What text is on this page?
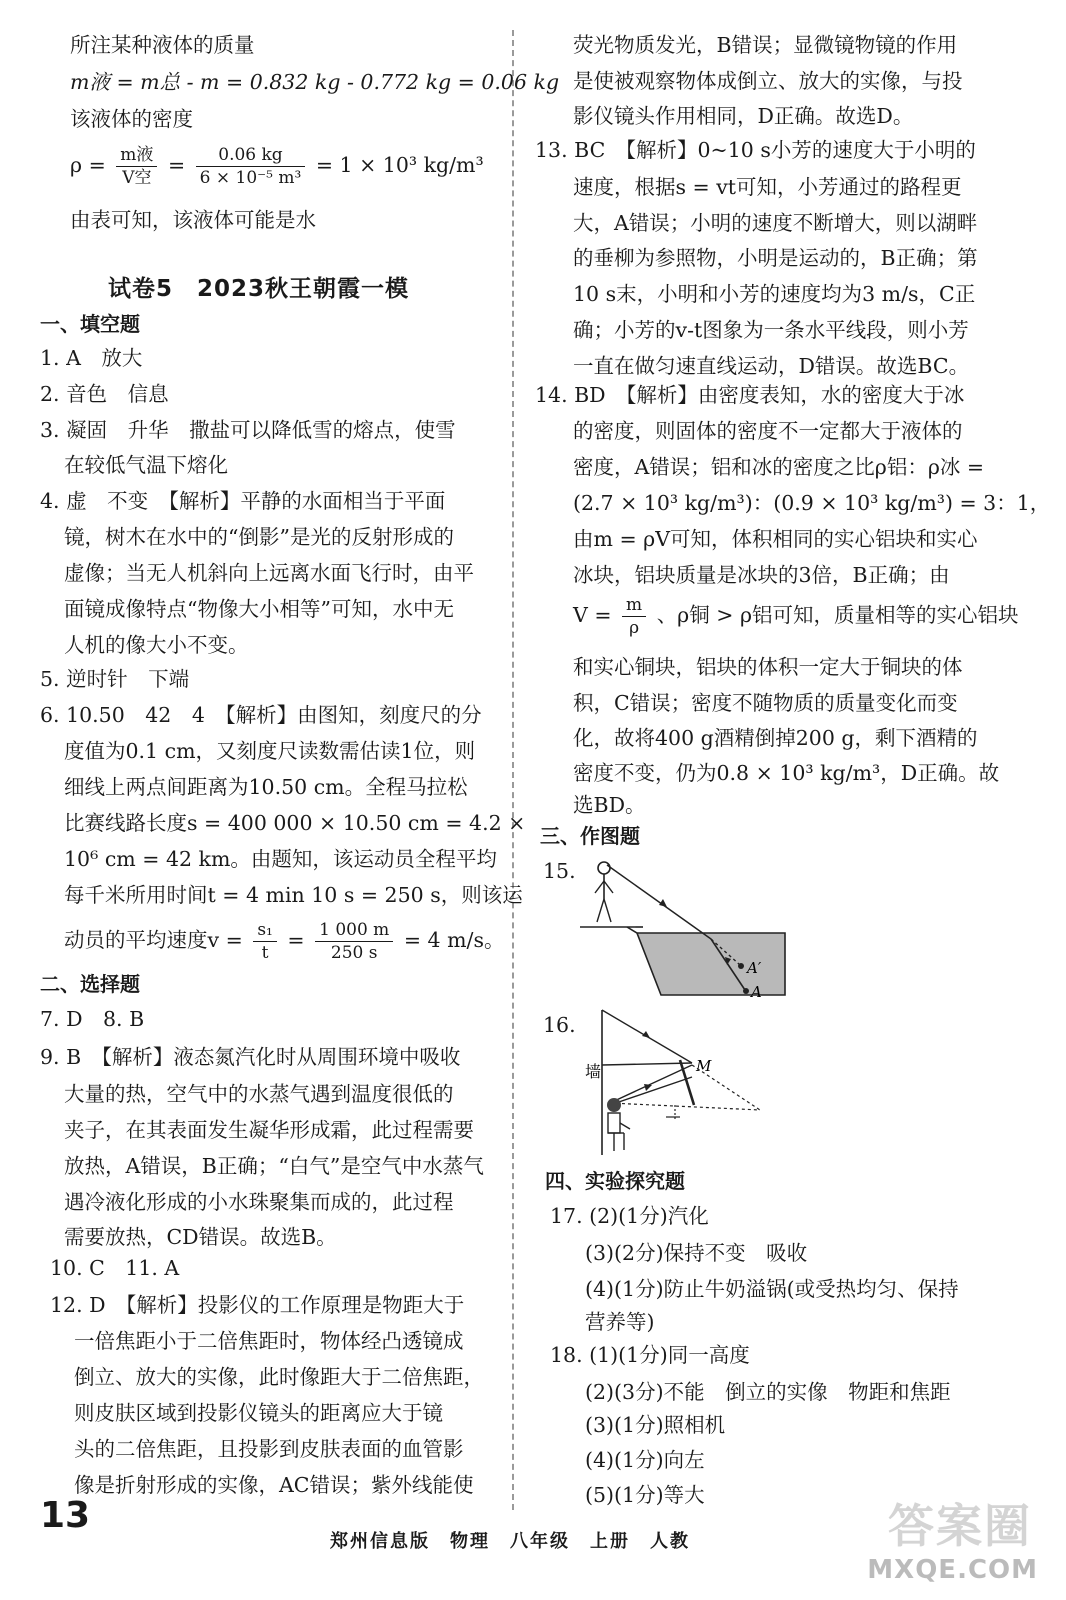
所注某种液体的质量
m液 = m总 - m = 0.832 kg - 0.772 kg = 0.06 kg
该液体的密度
$\rho = \frac{\text{m液}}{\text{V空}} = \frac{0.06 kg}{\text{6 × 10⁻⁵ m³}} = 1 \times 10^3$ kg/m³
由表可知，该液体可能是水
试卷5　2023秋王朝霞一模
一、填空题
1. A　放大
2. 音色　信息
3. 凝固　升华　撒盐可以降低雪的熔点，使雪
在较低气温下熔化
4. 虚　不变　【解析】平静的水面相当于平面
镜，树木在水中的“倒影”是光的反射形成的
虚像；当无人机斜向上远离水面飞行时，由平
面镜成像特点“物像大小相等”可知，水中无
人机的像大小不变。
5. 逆时针　下端
6. 10.50　42　4　【解析】由图知，刻度尺的分
度值为0.1 cm，又刻度尺读数需估读1位，则
细线上两点间距离为10.50 cm。全程马拉松
比赛线路长度s = 400 000 × 10.50 cm = 4.2 ×
10⁶ cm = 42 km。由题知，该运动员全程平均
每千米所用时间t = 4 min 10 s = 250 s，则该运
动员的平均速度$v = \frac{\text{s₁}}{t} = \frac{1 000 m}{250 s} = 4$ m/s。
二、选择题
7. D　8. B
9. B　【解析】液态氮汽化时从周围环境中吸收
大量的热，空气中的水蒸气遇到温度很低的
夹子，在其表面发生凝华形成霜，此过程需要
放热，A错误，B正确；“白气”是空气中水蒸气
遇冷液化形成的小水珠聚集而成的，此过程
需要放热，CD错误。故选B。
10. C　11. A
12. D　【解析】投影仪的工作原理是物距大于
一倍焦距小于二倍焦距时，物体经凸透镜成
倒立、放大的实像，此时像距大于二倍焦距，
则皮肤区域到投影仪镜头的距离应大于镜
头的二倍焦距，且投影到皮肤表面的血管影
像是折射形成的实像，AC错误；紫外线能使
荧光物质发光，B错误；显微镜物镜的作用
是使被观察物体成倒立、放大的实像，与投
影仪镜头作用相同，D正确。故选D。
13. BC　【解析】0~10 s小芳的速度大于小明的
速度，根据s = vt可知，小芳通过的路程更
大，A错误；小明的速度不断增大，则以湖畔
的垂柳为参照物，小明是运动的，B正确；第
10 s末，小明和小芳的速度均为3 m/s，C正
确；小芳的v-t图象为一条水平线段，则小芳
一直在做匀速直线运动，D错误。故选BC。
14. BD　【解析】由密度表知，水的密度大于冰
的密度，则固体的密度不一定都大于液体的
密度，A错误；铝和冰的密度之比ρ铝：ρ冰 =
(2.7 × 10³ kg/m³)：(0.9 × 10³ kg/m³) = 3：1，
由m = ρV可知，体积相同的实心铝块和实心
冰块，铝块质量是冰块的3倍，B正确；由
$V = \frac{m}{\rho}$ 、ρ铜 > ρ铝可知，质量相等的实心铝块
和实心铜块，铝块的体积一定大于铜块的体
积，C错误；密度不随物质的质量变化而变
化，故将400 g酒精倒掉200 g，剩下酒精的
密度不变，仍为0.8 × 10³ kg/m³，D正确。故
选BD。
三、作图题
15.
A′
A
16.
墙	M
四、实验探究题
17. (2)(1分)汽化
(3)(2分)保持不变　吸收
(4)(1分)防止牛奶溢锅(或受热均匀、保持
营养等)
18. (1)(1分)同一高度
(2)(3分)不能　倒立的实像　物距和焦距
(3)(1分)照相机
(4)(1分)向左
(5)(1分)等大
13
郑州信息版　物理　八年级　上册　人教	答案圈
MXQE.COM
